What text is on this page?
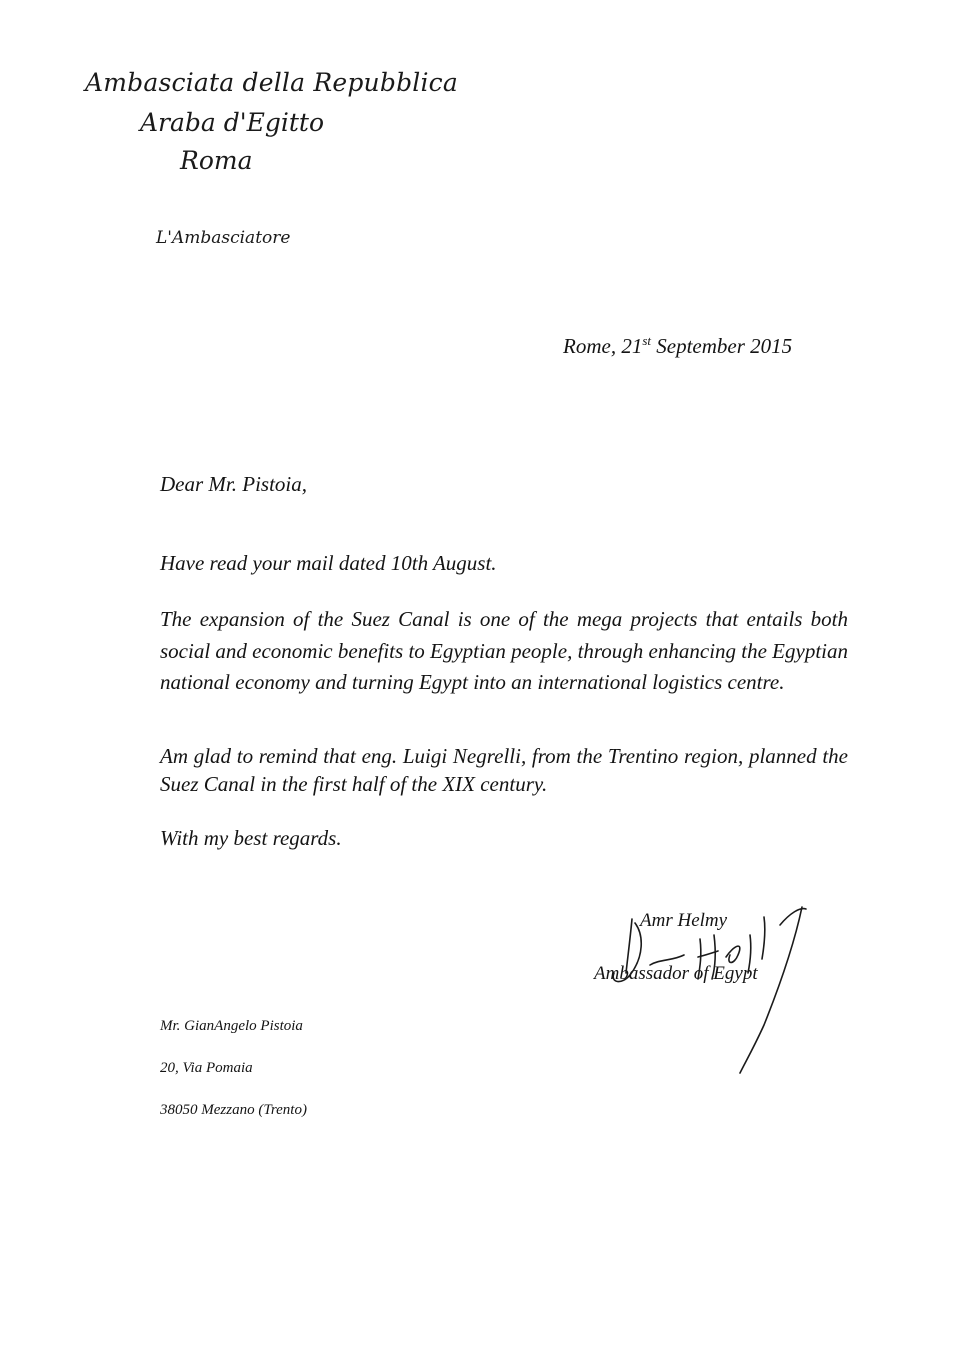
Ambasciata della Repubblica
Araba d'Egitto
Roma
L'Ambasciatore
Rome, 21st September 2015
Dear Mr. Pistoia,
Have read your mail dated 10th August.

The expansion of the Suez Canal is one of the mega projects that entails both social and economic benefits to Egyptian people, through enhancing the Egyptian national economy and turning Egypt into an international logistics centre.

Am glad to remind that eng. Luigi Negrelli, from the Trentino region, planned the Suez Canal in the first half of the XIX century.

With my best regards.
Amr Helmy
Ambassador of Egypt
Mr. GianAngelo Pistoia
20, Via Pomaia
38050 Mezzano (Trento)
